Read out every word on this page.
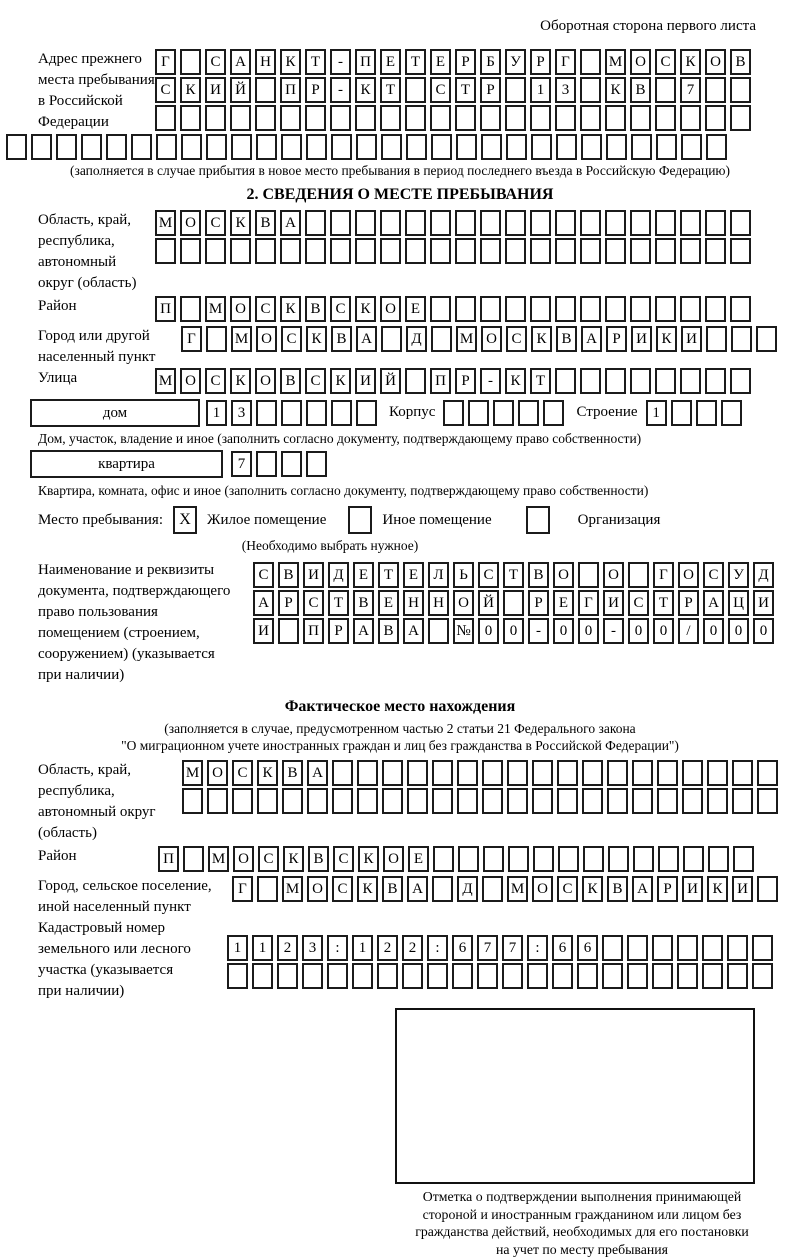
Оборотная сторона первого листа
Адрес прежнего
места пребывания
в Российской
Федерации
Г	С А Н К	Т	-	П Е	Т	Е	Р	Б	У	Р	Г	М О С К О В
С К И Й	П	Р	-	К	Т	С	Т	Р	1	3	К В	7
(заполняется в случае прибытия в новое место пребывания в период последнего въезда в Российскую Федерацию)
2. СВЕДЕНИЯ О МЕСТЕ ПРЕБЫВАНИЯ
Область, край,
республика,
автономный
округ (область)
М О С К В А
Район	П	М О С К В С К О Е
Город или другой
населенный пункт
Г	М О С К В А	Д	М О С К В А	Р	И К И
Улица	М О С К О В С К И Й	П	Р	-	К	Т
дом	1	3	Корпус	Строение 1
Дом, участок, владение и иное (заполнить согласно документу, подтверждающему право собственности)
квартира	7
Квартира, комната, офис и иное (заполнить согласно документу, подтверждающему право собственности)
Место пребывания:	X	Жилое помещение	Иное помещение	Организация
(Необходимо выбрать нужное)
Наименование и реквизиты
документа, подтверждающего
право пользования
помещением (строением,
сооружением) (указывается
при наличии)
С В И Д	Е	Т	Е	Л	Ь	С	Т	В О	О	Г	О С У Д
А	Р	С	Т	В	Е	Н Н О Й	Р	Е	Г	И С	Т	Р	А Ц И
И	П	Р	А В А	№ 0	0	-	0	0	-	0	0	/	0	0	0
Фактическое место нахождения
(заполняется в случае, предусмотренном частью 2 статьи 21 Федерального закона
"О миграционном учете иностранных граждан и лиц без гражданства в Российской Федерации")
Область, край,
республика,
автономный округ
(область)
М О С К В А
Район	П	М О С К В С К О Е
Город, сельское поселение,
иной населенный пункт
Г	М О С К В А	Д	М О С К В А	Р	И К И
Кадастровый номер
земельного или лесного
участка (указывается
при наличии)
1	1	2	3	:	1	2	2	:	6	7	7	:	6	6
Отметка о подтверждении выполнения принимающей
стороной и иностранным гражданином или лицом без
гражданства действий, необходимых для его постановки
на учет по месту пребывания
